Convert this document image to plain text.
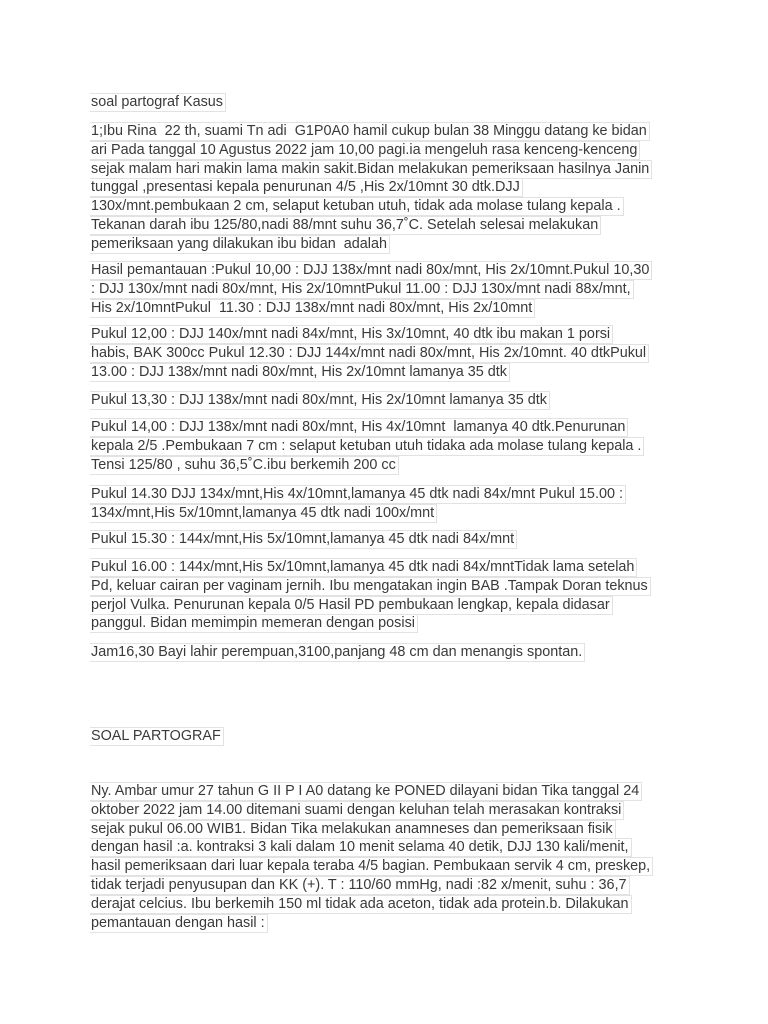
soal partograf Kasus
1;Ibu Rina  22 th, suami Tn adi  G1P0A0 hamil cukup bulan 38 Minggu datang ke bidan
ari Pada tanggal 10 Agustus 2022 jam 10,00 pagi.ia mengeluh rasa kenceng-kenceng
sejak malam hari makin lama makin sakit.Bidan melakukan pemeriksaan hasilnya Janin
tunggal ,presentasi kepala penurunan 4/5 ,His 2x/10mnt 30 dtk.DJJ
130x/mnt.pembukaan 2 cm, selaput ketuban utuh, tidak ada molase tulang kepala .
Tekanan darah ibu 125/80,nadi 88/mnt suhu 36,7˚C. Setelah selesai melakukan
pemeriksaan yang dilakukan ibu bidan  adalah
Hasil pemantauan :Pukul 10,00 : DJJ 138x/mnt nadi 80x/mnt, His 2x/10mnt.Pukul 10,30
: DJJ 130x/mnt nadi 80x/mnt, His 2x/10mntPukul 11.00 : DJJ 130x/mnt nadi 88x/mnt,
His 2x/10mntPukul  11.30 : DJJ 138x/mnt nadi 80x/mnt, His 2x/10mnt
Pukul 12,00 : DJJ 140x/mnt nadi 84x/mnt, His 3x/10mnt, 40 dtk ibu makan 1 porsi
habis, BAK 300cc Pukul 12.30 : DJJ 144x/mnt nadi 80x/mnt, His 2x/10mnt. 40 dtkPukul
13.00 : DJJ 138x/mnt nadi 80x/mnt, His 2x/10mnt lamanya 35 dtk
Pukul 13,30 : DJJ 138x/mnt nadi 80x/mnt, His 2x/10mnt lamanya 35 dtk
Pukul 14,00 : DJJ 138x/mnt nadi 80x/mnt, His 4x/10mnt  lamanya 40 dtk.Penurunan
kepala 2/5 .Pembukaan 7 cm : selaput ketuban utuh tidaka ada molase tulang kepala .
Tensi 125/80 , suhu 36,5˚C.ibu berkemih 200 cc
Pukul 14.30 DJJ 134x/mnt,His 4x/10mnt,lamanya 45 dtk nadi 84x/mnt Pukul 15.00 :
134x/mnt,His 5x/10mnt,lamanya 45 dtk nadi 100x/mnt
Pukul 15.30 : 144x/mnt,His 5x/10mnt,lamanya 45 dtk nadi 84x/mnt
Pukul 16.00 : 144x/mnt,His 5x/10mnt,lamanya 45 dtk nadi 84x/mntTidak lama setelah
Pd, keluar cairan per vaginam jernih. Ibu mengatakan ingin BAB .Tampak Doran teknus
perjol Vulka. Penurunan kepala 0/5 Hasil PD pembukaan lengkap, kepala didasar
panggul. Bidan memimpin memeran dengan posisi
Jam16,30 Bayi lahir perempuan,3100,panjang 48 cm dan menangis spontan.
SOAL PARTOGRAF
Ny. Ambar umur 27 tahun G II P I A0 datang ke PONED dilayani bidan Tika tanggal 24
oktober 2022 jam 14.00 ditemani suami dengan keluhan telah merasakan kontraksi
sejak pukul 06.00 WIB1. Bidan Tika melakukan anamneses dan pemeriksaan fisik
dengan hasil :a. kontraksi 3 kali dalam 10 menit selama 40 detik, DJJ 130 kali/menit,
hasil pemeriksaan dari luar kepala teraba 4/5 bagian. Pembukaan servik 4 cm, preskep,
tidak terjadi penyusupan dan KK (+). T : 110/60 mmHg, nadi :82 x/menit, suhu : 36,7
derajat celcius. Ibu berkemih 150 ml tidak ada aceton, tidak ada protein.b. Dilakukan
pemantauan dengan hasil :
